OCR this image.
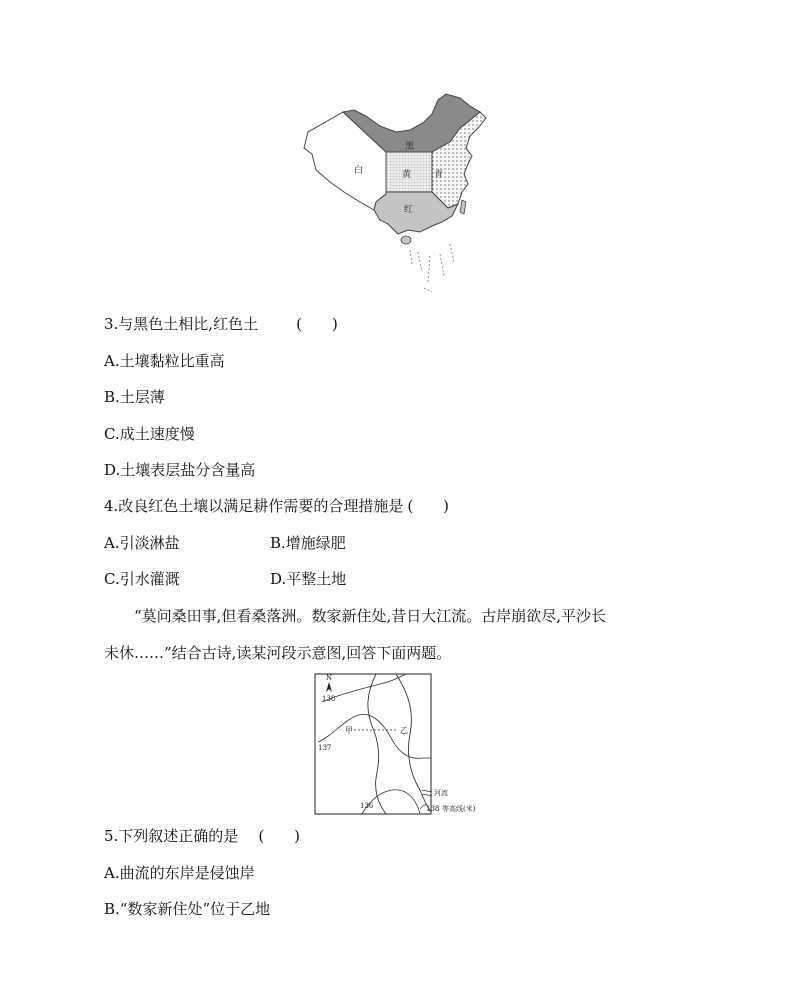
黑
白	黄	青
红
3.与黑色土相比,红色土	(　　)
A.土壤黏粒比重高
B.土层薄
C.成土速度慢
D.土壤表层盐分含量高
4.改良红色土壤以满足耕作需要的合理措施是 (　　)
A.引淡淋盐	B.增施绿肥
C.引水灌溉	D.平整土地
“莫问桑田事,但看桑落洲。数家新住处,昔日大江流。古岸崩欲尽,平沙长
未休……”结合古诗,读某河段示意图,回答下面两题。
N
138
137
136
甲	乙
河流
138 等高线(米)
5.下列叙述正确的是 (　　)
A.曲流的东岸是侵蚀岸
B.“数家新住处”位于乙地
